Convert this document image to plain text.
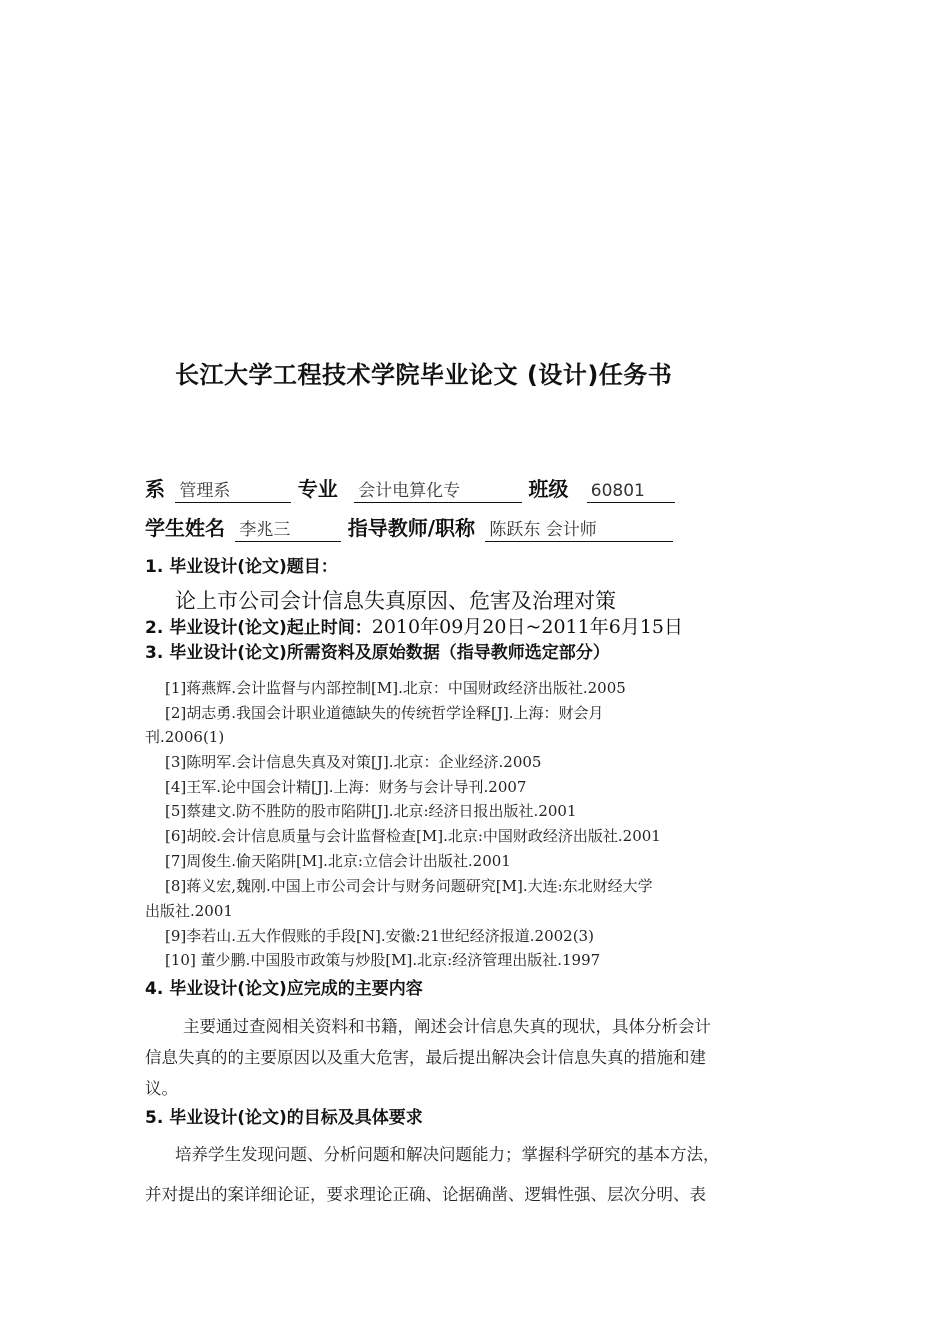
长江大学工程技术学院毕业论文 (设计)任务书
系 管理系	专业 会计电算化专	班级 60801
学生姓名 李兆三	指导教师/职称 陈跃东 会计师
1. 毕业设计(论文)题目：
论上市公司会计信息失真原因、危害及治理对策
2. 毕业设计(论文)起止时间：2010年09月20日~2011年6月15日
3. 毕业设计(论文)所需资料及原始数据（指导教师选定部分）
[1]蒋燕辉.会计监督与内部控制[M].北京：中国财政经济出版社.2005
[2]胡志勇.我国会计职业道德缺失的传统哲学诠释[J].上海：财会月
刊.2006(1)
[3]陈明军.会计信息失真及对策[J].北京：企业经济.2005
[4]王军.论中国会计精[J].上海：财务与会计导刊.2007
[5]蔡建文.防不胜防的股市陷阱[J].北京:经济日报出版社.2001
[6]胡皎.会计信息质量与会计监督检查[M].北京:中国财政经济出版社.2001
[7]周俊生.偷天陷阱[M].北京:立信会计出版社.2001
[8]蒋义宏,魏刚.中国上市公司会计与财务问题研究[M].大连:东北财经大学
出版社.2001
[9]李若山.五大作假账的手段[N].安徽:21世纪经济报道.2002(3)
[10] 董少鹏.中国股市政策与炒股[M].北京:经济管理出版社.1997
4. 毕业设计(论文)应完成的主要内容
主要通过查阅相关资料和书籍，阐述会计信息失真的现状，具体分析会计
信息失真的的主要原因以及重大危害，最后提出解决会计信息失真的措施和建
议。
5. 毕业设计(论文)的目标及具体要求
培养学生发现问题、分析问题和解决问题能力；掌握科学研究的基本方法，
并对提出的案详细论证，要求理论正确、论据确凿、逻辑性强、层次分明、表
